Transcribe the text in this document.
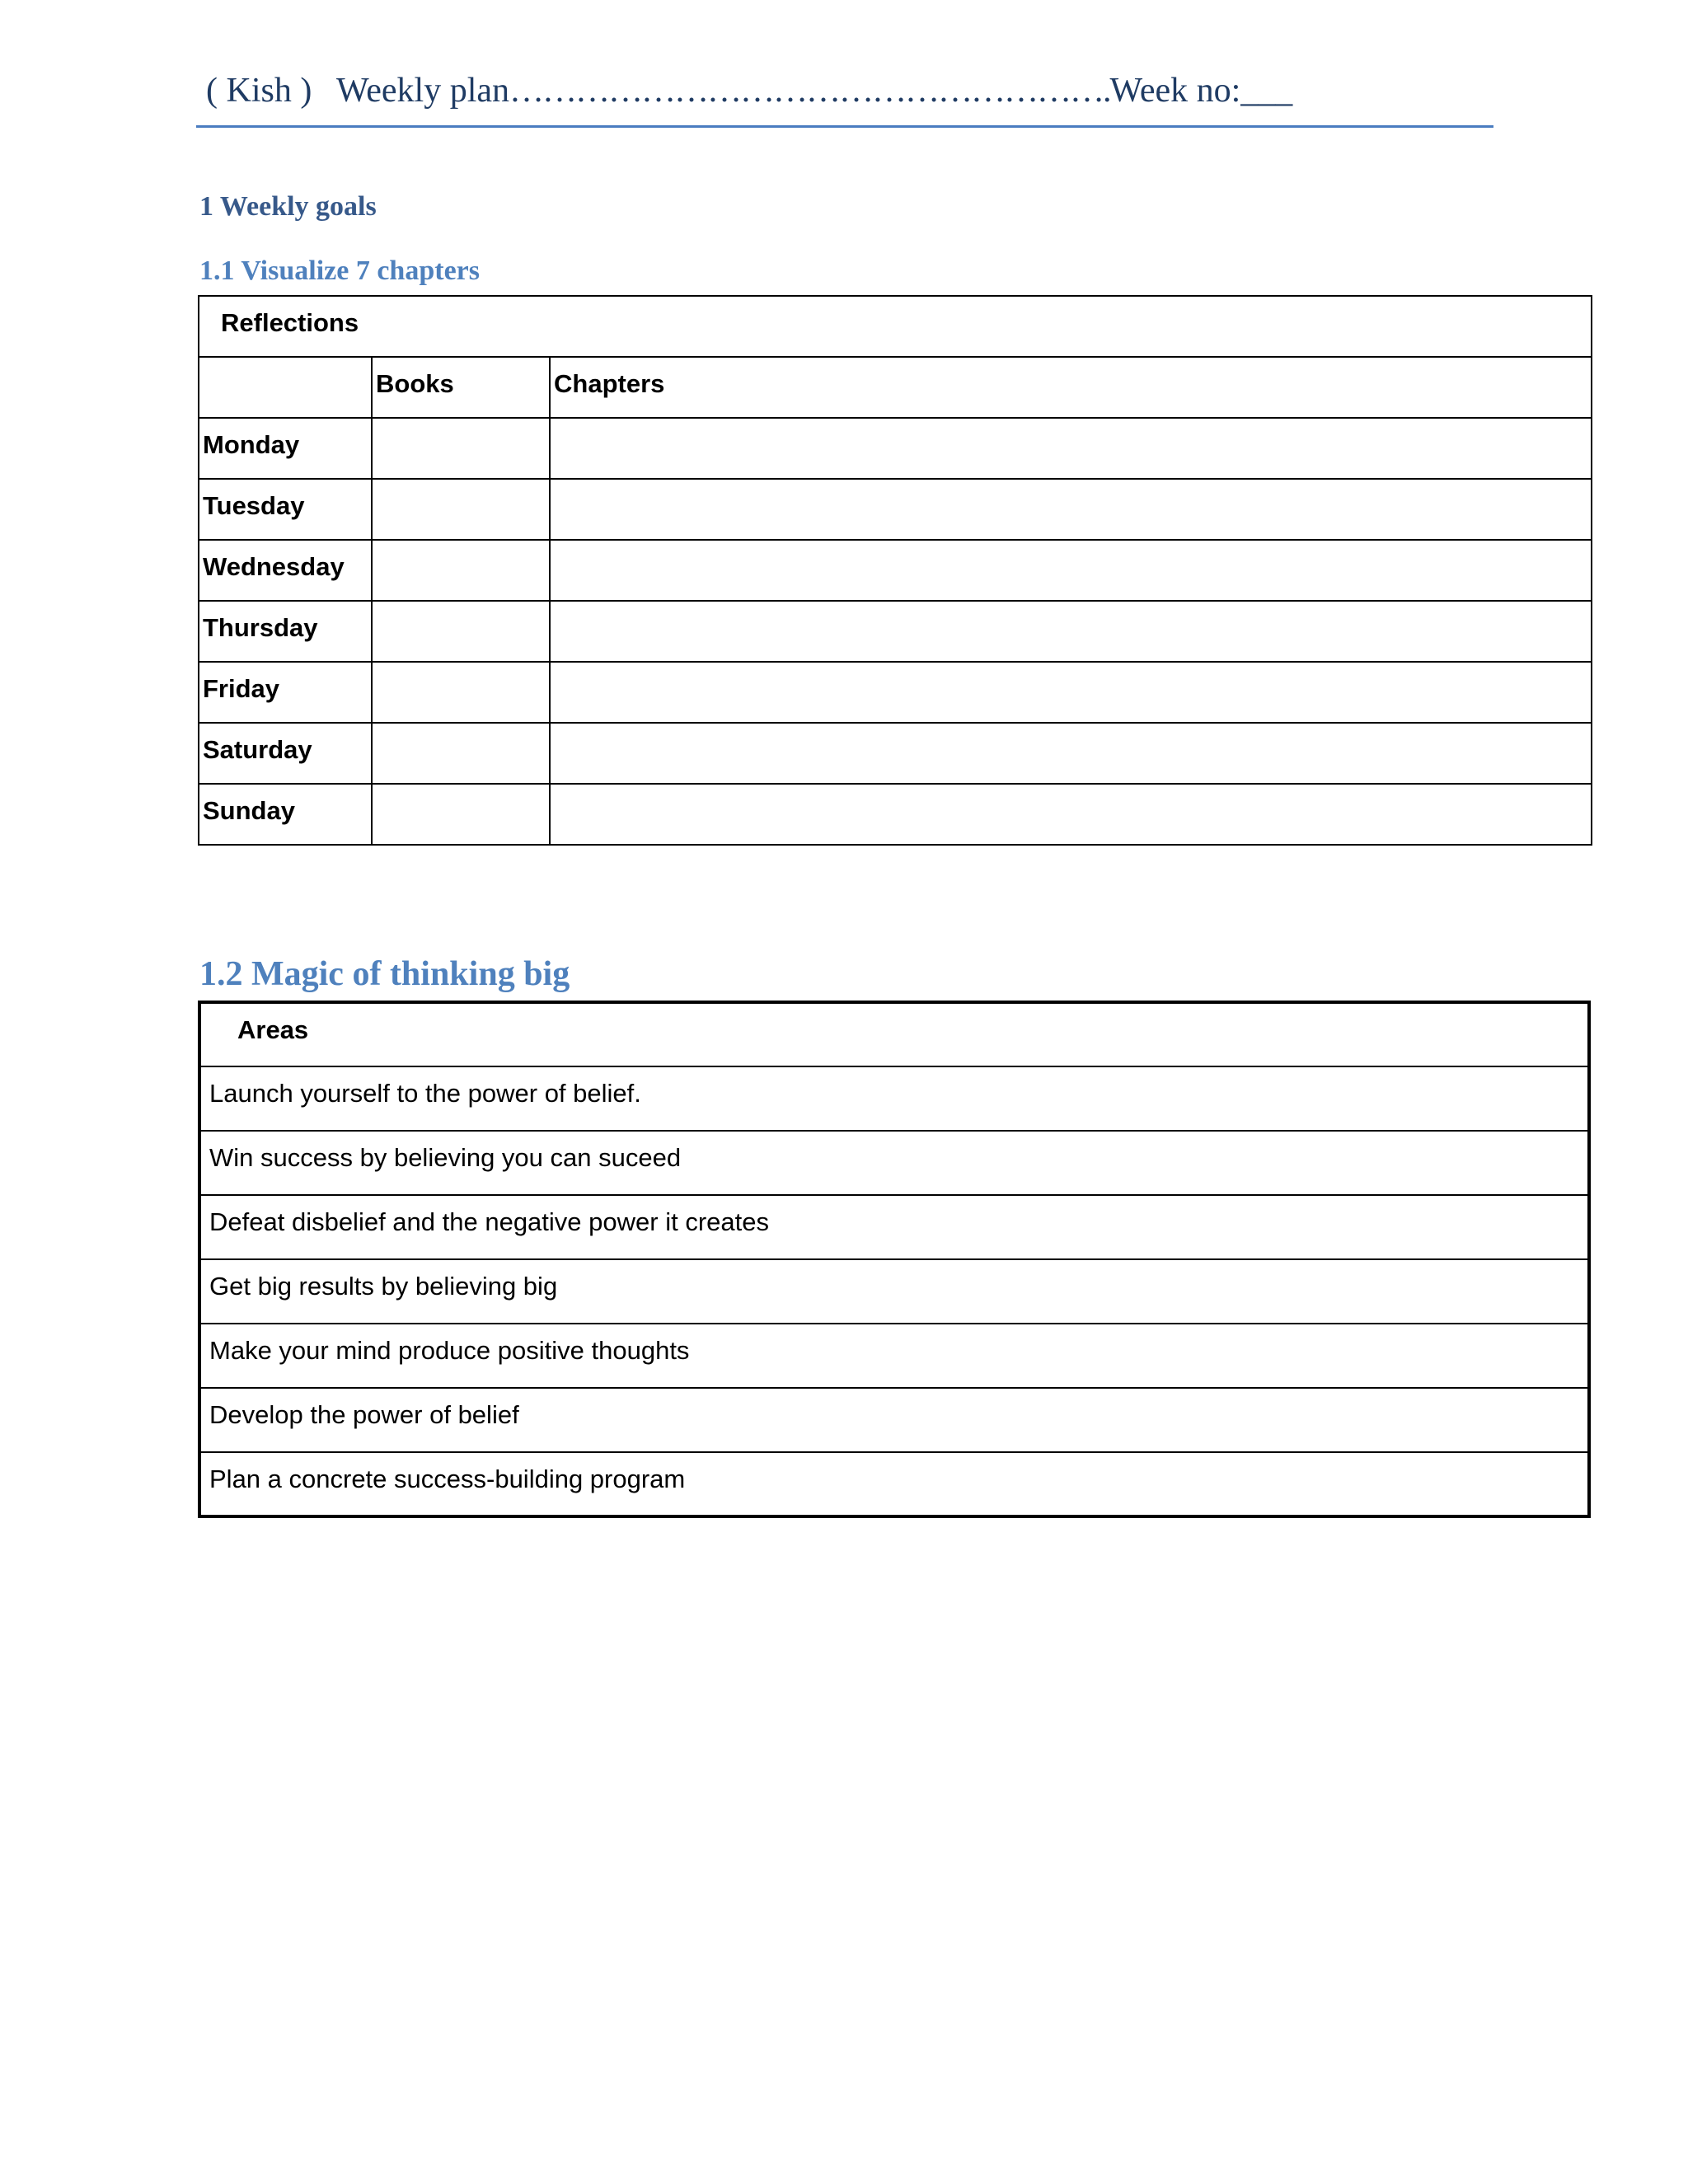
( Kish ) Weekly plan……………………………………………….Week no:___
1 Weekly goals
1.1 Visualize 7 chapters
Reflections		
	Books	Chapters
Monday		
Tuesday		
Wednesday		
Thursday		
Friday		
Saturday		
Sunday		
1.2 Magic of thinking big
Areas
Launch yourself to the power of belief.
Win success by believing you can suceed
Defeat disbelief and the negative power it creates
Get big results by believing big
Make your mind produce positive thoughts
Develop the power of belief
Plan a concrete success-building program
